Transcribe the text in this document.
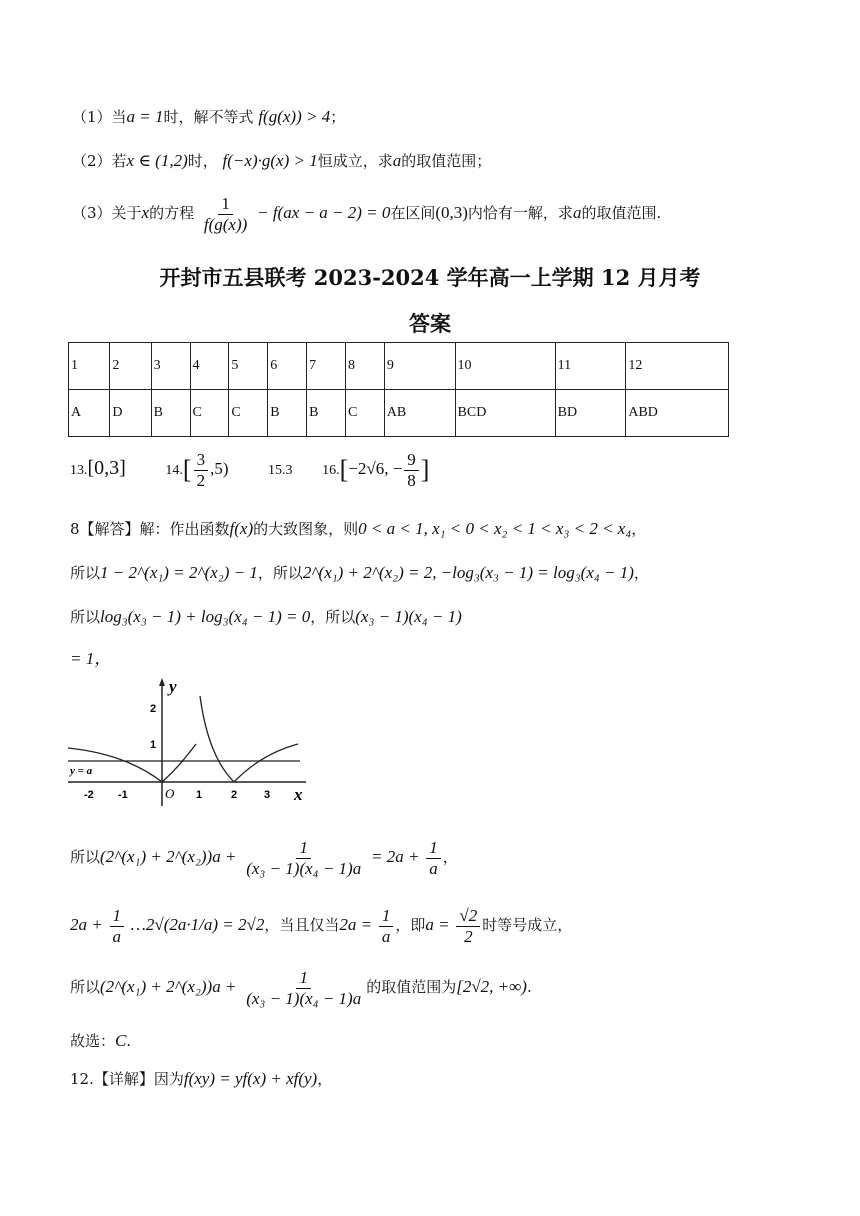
（1）当a = 1时，解不等式 f(g(x)) > 4；
（2）若x ∈ (1,2)时， f(−x)·g(x) > 1恒成立，求a的取值范围；
（3）关于x的方程 $\frac{1}{f(g(x))} - f(ax - a - 2) = 0$在区间(0,3)内恰有一解，求a的取值范围.
开封市五县联考 2023-2024 学年高一上学期 12 月月考
答案
1	2	3	4	5	6	7	8	9	10	11	12
A	D	B	C	C	B	B	C	AB	BCD	BD	ABD
13.[0,3]	$14.[ \frac{3}{2} ,5)$	15.3 16.[−2√6, − $\frac{9}{8}$ ]
8【解答】解：作出函数f(x)的大致图象，则0 < a < 1, x₁ < 0 < x₂ < 1 < x₃ < 2 < x₄，
所以1 − 2^(x₁) = 2^(x₂) − 1，所以2^(x₁) + 2^(x₂) = 2, −log₃(x₃ − 1) = log₃(x₄ − 1)，
所以log₃(x₃ − 1) + log₃(x₄ − 1) = 0，所以(x₃ − 1)(x₄ − 1)
= 1，
y
x
O
y = a
-2 -1	1	2 3
2
1
所以(2^(x₁) + 2^(x₂))a + $\frac{1}{\text{(x₃ − 1)(x₄ − 1)a}} = 2a + \frac{1}{a}$ ，
$2a + \frac{1}{a}$ …2√(2a·1/a) = 2√2，当且仅当$2a = \frac{1}{a}$ ，即$a = \frac{√2}{2}$ 时等号成立，
所以(2^(x₁) + 2^(x₂))a + $\frac{1}{\text{(x₃ − 1)(x₄ − 1)a}}$ 的取值范围为[2√2, +∞).
故选：C.
12.【详解】因为f(xy) = yf(x) + xf(y)，
